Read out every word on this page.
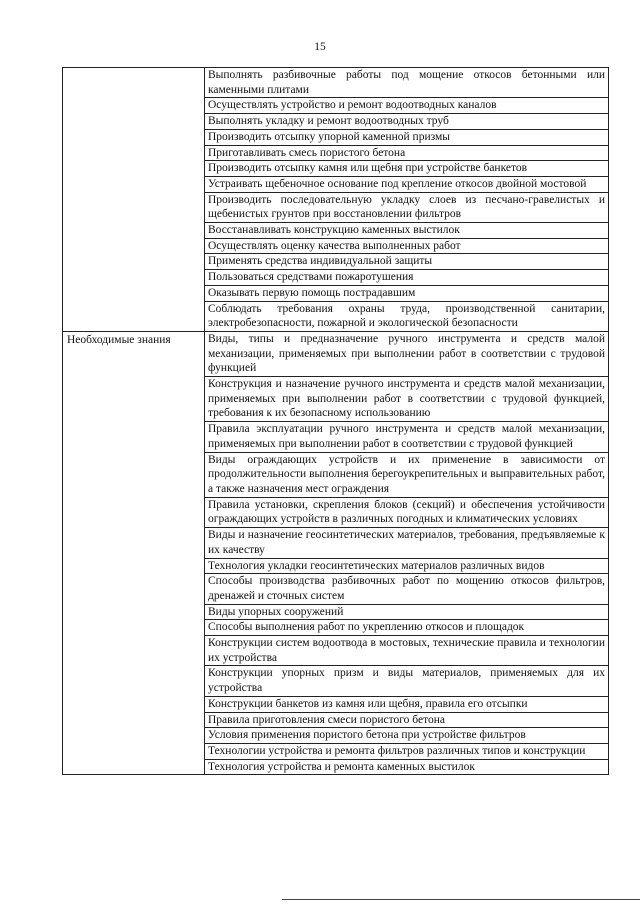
15
	Выполнять разбивочные работы под мощение откосов бетонными или каменными плитами
	Осуществлять устройство и ремонт водоотводных каналов
	Выполнять укладку и ремонт водоотводных труб
	Производить отсыпку упорной каменной призмы
	Приготавливать смесь пористого бетона
	Производить отсыпку камня или щебня при устройстве банкетов
	Устраивать щебеночное основание под крепление откосов двойной мостовой
	Производить последовательную укладку слоев из песчано-гравелистых и щебенистых грунтов при восстановлении фильтров
	Восстанавливать конструкцию каменных выстилок
	Осуществлять оценку качества выполненных работ
	Применять средства индивидуальной защиты
	Пользоваться средствами пожаротушения
	Оказывать первую помощь пострадавшим
	Соблюдать требования охраны труда, производственной санитарии, электробезопасности, пожарной и экологической безопасности
Необходимые знания	Виды, типы и предназначение ручного инструмента и средств малой механизации, применяемых при выполнении работ в соответствии с трудовой функцией
	Конструкция и назначение ручного инструмента и средств малой механизации, применяемых при выполнении работ в соответствии с трудовой функцией, требования к их безопасному использованию
	Правила эксплуатации ручного инструмента и средств малой механизации, применяемых при выполнении работ в соответствии с трудовой функцией
	Виды ограждающих устройств и их применение в зависимости от продолжительности выполнения берегоукрепительных и выправительных работ, а также назначения мест ограждения
	Правила установки, скрепления блоков (секций) и обеспечения устойчивости ограждающих устройств в различных погодных и климатических условиях
	Виды и назначение геосинтетических материалов, требования, предъявляемые к их качеству
	Технология укладки геосинтетических материалов различных видов
	Способы производства разбивочных работ по мощению откосов фильтров, дренажей и сточных систем
	Виды упорных сооружений
	Способы выполнения работ по укреплению откосов и площадок
	Конструкции систем водоотвода в мостовых, технические правила и технологии их устройства
	Конструкции упорных призм и виды материалов, применяемых для их устройства
	Конструкции банкетов из камня или щебня, правила его отсыпки
	Правила приготовления смеси пористого бетона
	Условия применения пористого бетона при устройстве фильтров
	Технологии устройства и ремонта фильтров различных типов и конструкции
	Технология устройства и ремонта каменных выстилок
